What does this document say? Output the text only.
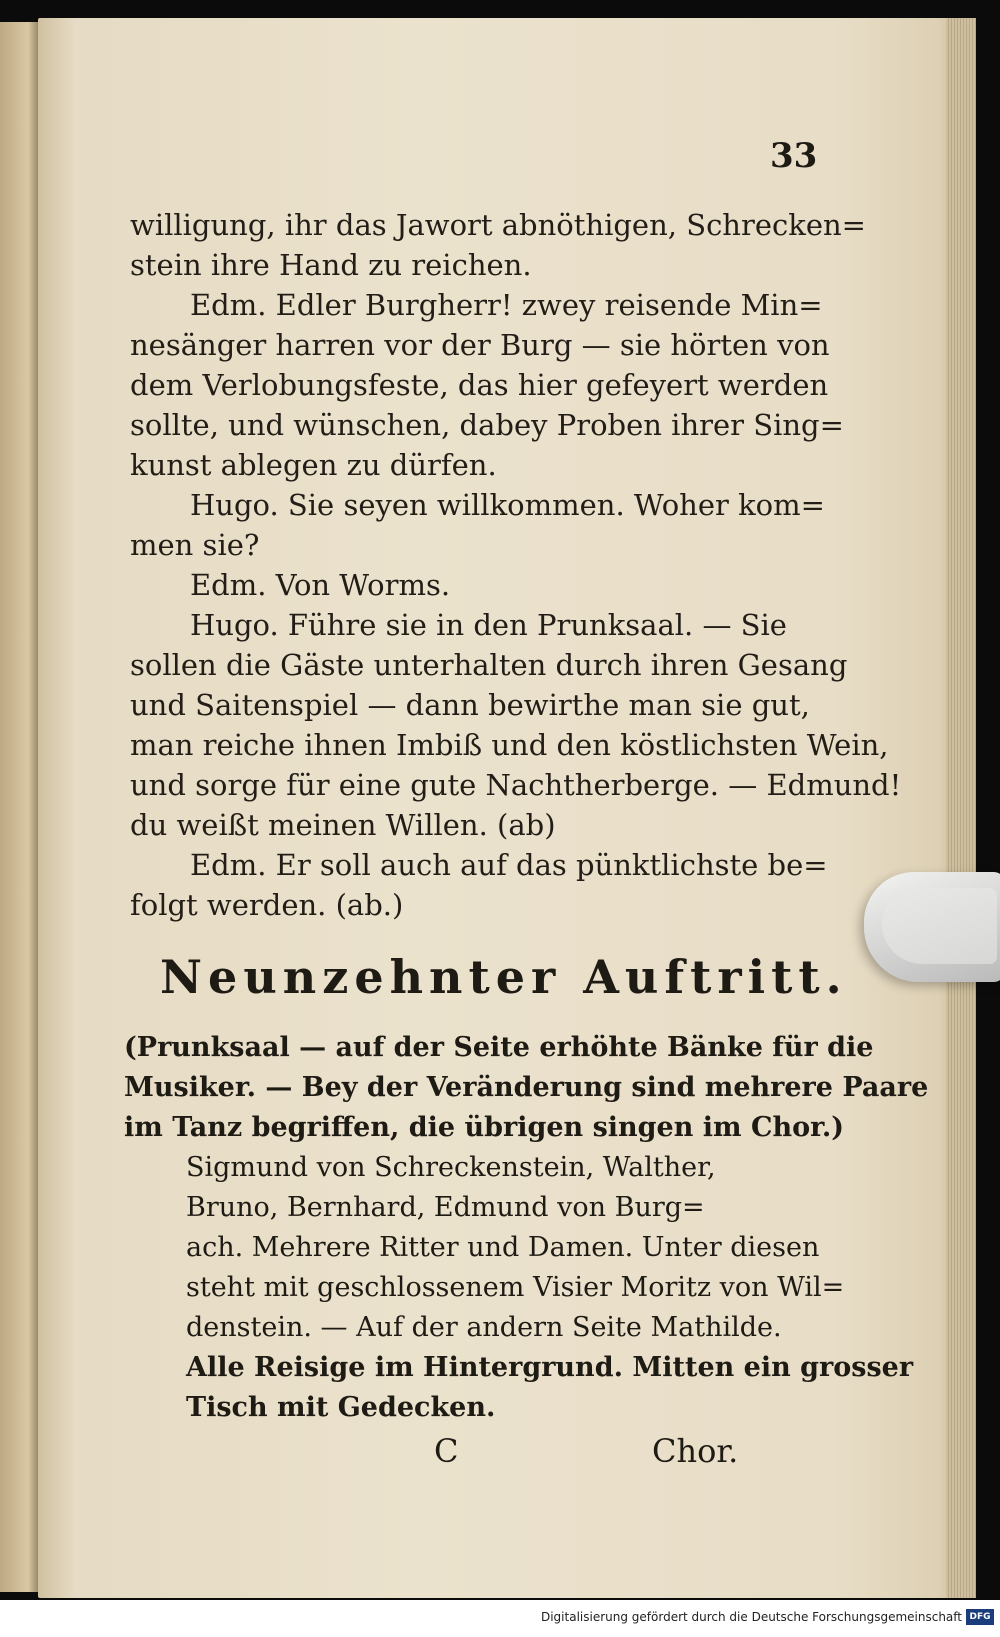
33
willigung, ihr das Jawort abnöthigen, Schrecken=
stein ihre Hand zu reichen.
Edm. Edler Burgherr! zwey reisende Min=
nesänger harren vor der Burg — sie hörten von
dem Verlobungsfeste, das hier gefeyert werden
sollte, und wünschen, dabey Proben ihrer Sing=
kunst ablegen zu dürfen.
Hugo. Sie seyen willkommen. Woher kom=
men sie?
Edm. Von Worms.
Hugo. Führe sie in den Prunksaal. — Sie
sollen die Gäste unterhalten durch ihren Gesang
und Saitenspiel — dann bewirthe man sie gut,
man reiche ihnen Imbiß und den köstlichsten Wein,
und sorge für eine gute Nachtherberge. — Edmund!
du weißt meinen Willen. (ab)
Edm. Er soll auch auf das pünktlichste be=
folgt werden. (ab.)
Neunzehnter Auftritt.
(Prunksaal — auf der Seite erhöhte Bänke für die
Musiker. — Bey der Veränderung sind mehrere Paare
im Tanz begriffen, die übrigen singen im Chor.)
Sigmund von Schreckenstein, Walther,
Bruno, Bernhard, Edmund von Burg=
ach. Mehrere Ritter und Damen. Unter diesen
steht mit geschlossenem Visier Moritz von Wil=
denstein. — Auf der andern Seite Mathilde.
Alle Reisige im Hintergrund. Mitten ein grosser
Tisch mit Gedecken.
C	Chor.
Digitalisierung gefördert durch die Deutsche Forschungsgemeinschaft DFG
